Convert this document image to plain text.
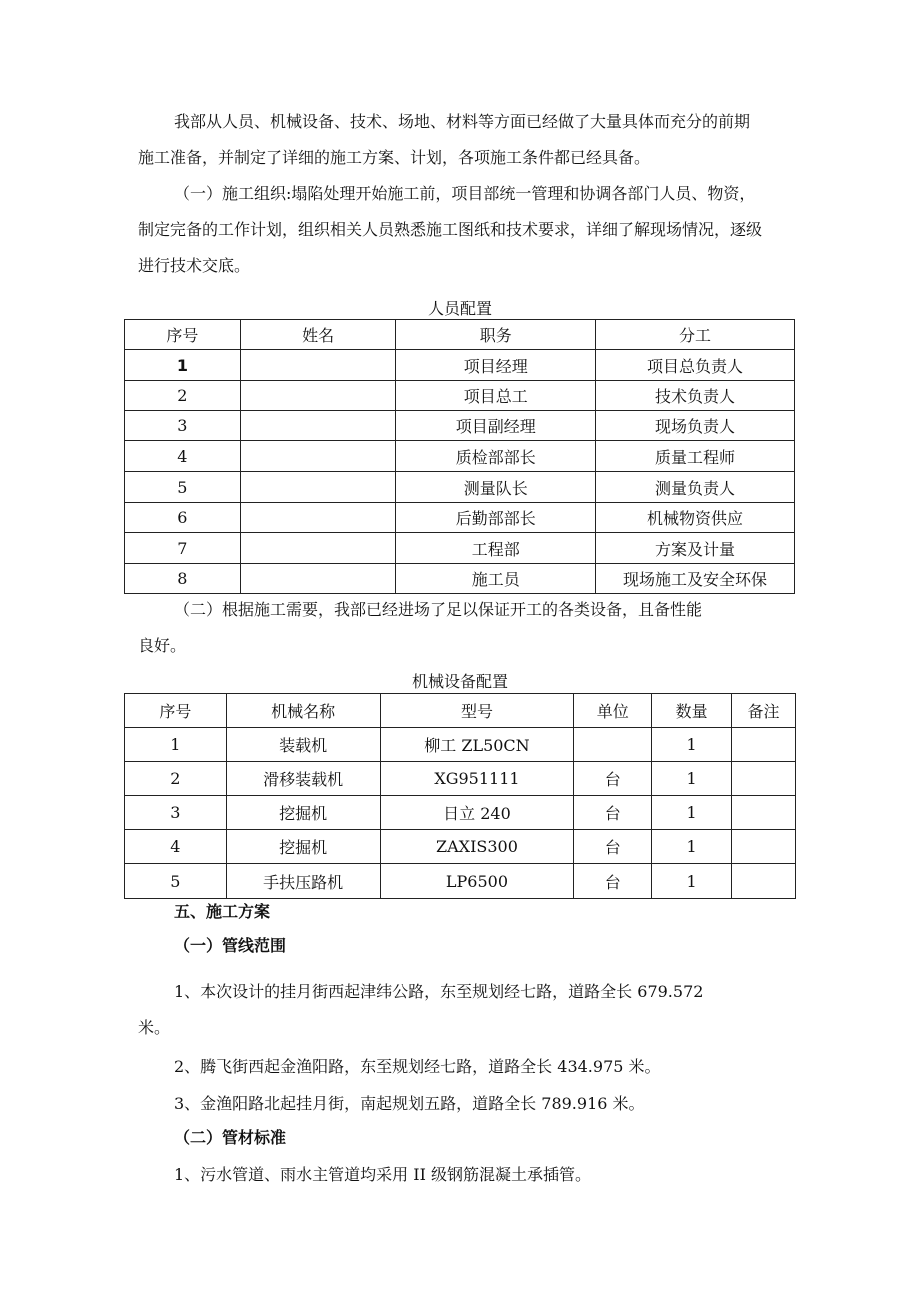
我部从人员、机械设备、技术、场地、材料等方面已经做了大量具体而充分的前期
施工准备，并制定了详细的施工方案、计划，各项施工条件都已经具备。
（一）施工组织:塌陷处理开始施工前，项目部统一管理和协调各部门人员、物资，
制定完备的工作计划，组织相关人员熟悉施工图纸和技术要求，详细了解现场情况，逐级
进行技术交底。
人员配置
序号	姓名	职务	分工
1		项目经理	项目总负责人
2		项目总工	技术负责人
3		项目副经理	现场负责人
4		质检部部长	质量工程师
5		测量队长	测量负责人
6		后勤部部长	机械物资供应
7		工程部	方案及计量
8		施工员	现场施工及安全环保
（二）根据施工需要，我部已经进场了足以保证开工的各类设备，且备性能
良好。
机械设备配置
序号	机械名称	型号	单位	数量	备注
1	装载机	柳工 ZL50CN		1	
2	滑移装载机	XG951111	台	1	
3	挖掘机	日立 240	台	1	
4	挖掘机	ZAXIS300	台	1	
5	手扶压路机	LP6500	台	1	
五、施工方案
（一）管线范围
1、本次设计的挂月街西起津纬公路，东至规划经七路，道路全长 679.572
米。
2、腾飞街西起金渔阳路，东至规划经七路，道路全长 434.975 米。
3、金渔阳路北起挂月街，南起规划五路，道路全长 789.916 米。
（二）管材标准
1、污水管道、雨水主管道均采用 II 级钢筋混凝土承插管。
